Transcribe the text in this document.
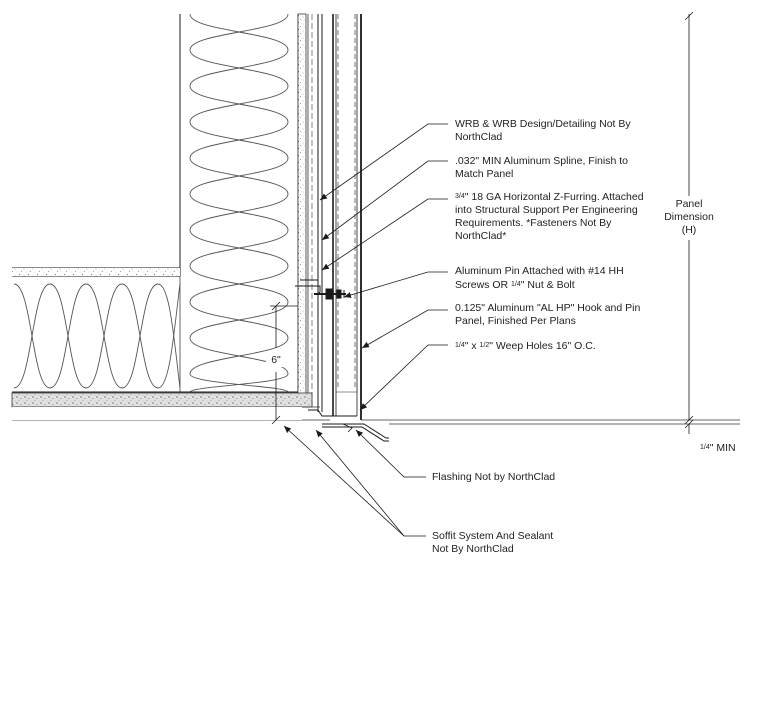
WRB & WRB Design/Detailing Not By
NorthClad
.032" MIN Aluminum Spline, Finish to
Match Panel
3/4" 18 GA Horizontal Z-Furring. Attached
into Structural Support Per Engineering
Requirements. *Fasteners Not By
NorthClad*
Aluminum Pin Attached with #14 HH
Screws OR 1/4" Nut & Bolt
0.125" Aluminum "AL HP" Hook and Pin
Panel, Finished Per Plans
1/4" x 1/2" Weep Holes 16" O.C.
Flashing Not by NorthClad
Soffit System And Sealant
Not By NorthClad
Panel
Dimension
(H)
6"
1/4" MIN
